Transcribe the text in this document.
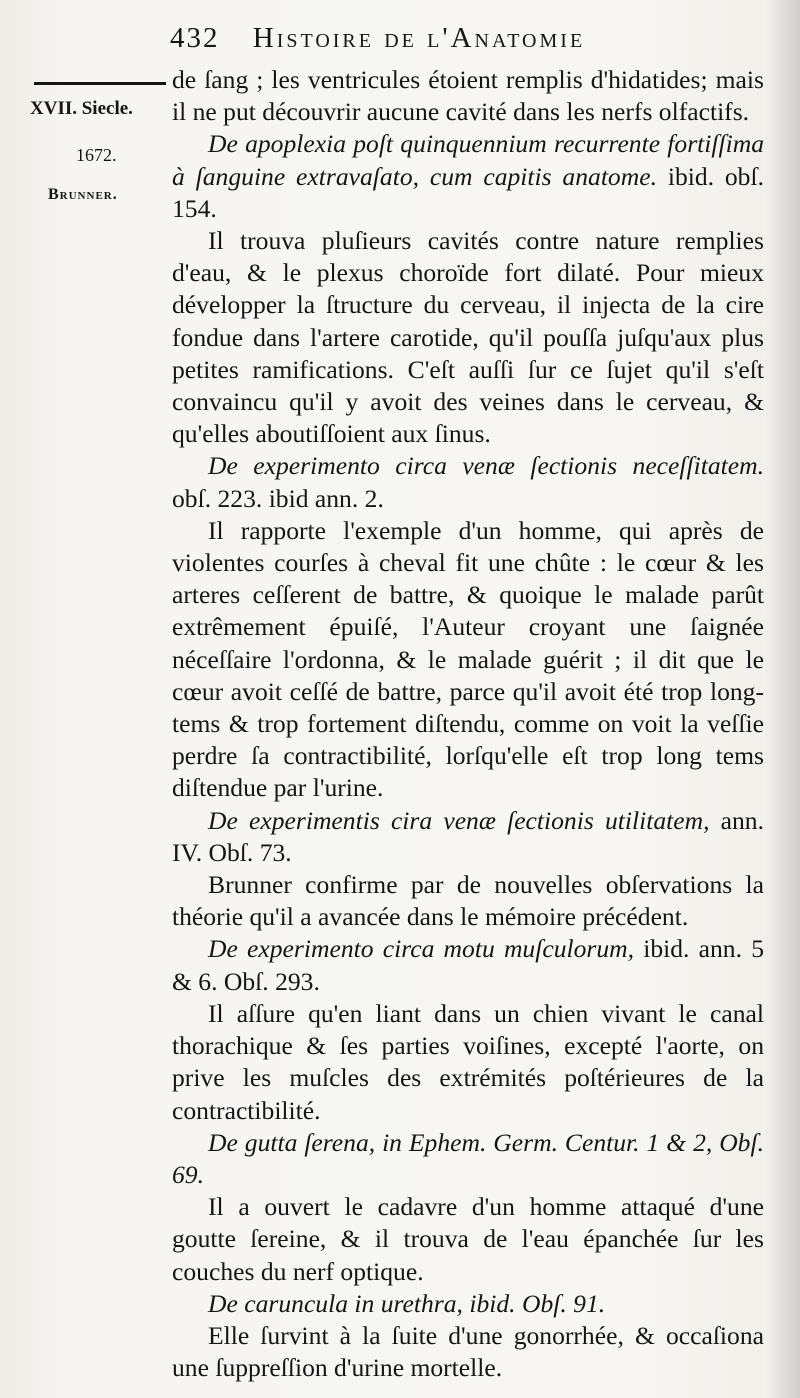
432 Histoire de l'Anatomie
XVII. Siecle.
1672.
Brunner.

de ſang ; les ventricules étoient remplis d'hidatides; mais il ne put découvrir aucune cavité dans les nerfs olfactifs.

De apoplexia poſt quinquennium recurrente fortiſſima à ſanguine extravaſato, cum capitis anatome. ibid. obſ. 154.

Il trouva pluſieurs cavités contre nature remplies d'eau, & le plexus choroïde fort dilaté. Pour mieux développer la ſtructure du cerveau, il injecta de la cire fondue dans l'artere carotide, qu'il pouſſa juſqu'aux plus petites ramifications. C'eſt auſſi ſur ce ſujet qu'il s'eſt convaincu qu'il y avoit des veines dans le cerveau, & qu'elles aboutiſſoient aux ſinus.

De experimento circa venæ ſectionis neceſſitatem. obſ. 223. ibid ann. 2.

Il rapporte l'exemple d'un homme, qui après de violentes courſes à cheval fit une chûte : le cœur & les arteres ceſſerent de battre, & quoique le malade parût extrêmement épuiſé, l'Auteur croyant une ſaignée néceſſaire l'ordonna, & le malade guérit ; il dit que le cœur avoit ceſſé de battre, parce qu'il avoit été trop long-tems & trop fortement diſtendu, comme on voit la veſſie perdre ſa contractibilité, lorſqu'elle eſt trop long tems diſtendue par l'urine.

De experimentis cira venæ ſectionis utilitatem, ann. IV. Obſ. 73.

Brunner confirme par de nouvelles obſervations la théorie qu'il a avancée dans le mémoire précédent.

De experimento circa motu muſculorum, ibid. ann. 5 & 6. Obſ. 293.

Il aſſure qu'en liant dans un chien vivant le canal thorachique & ſes parties voiſines, excepté l'aorte, on prive les muſcles des extrémités poſtérieures de la contractibilité.

De gutta ſerena, in Ephem. Germ. Centur. 1 & 2, Obſ. 69.

Il a ouvert le cadavre d'un homme attaqué d'une goutte ſereine, & il trouva de l'eau épanchée ſur les couches du nerf optique.

De caruncula in urethra, ibid. Obſ. 91.

Elle ſurvint à la ſuite d'une gonorrhée, & occaſiona une ſuppreſſion d'urine mortelle.
